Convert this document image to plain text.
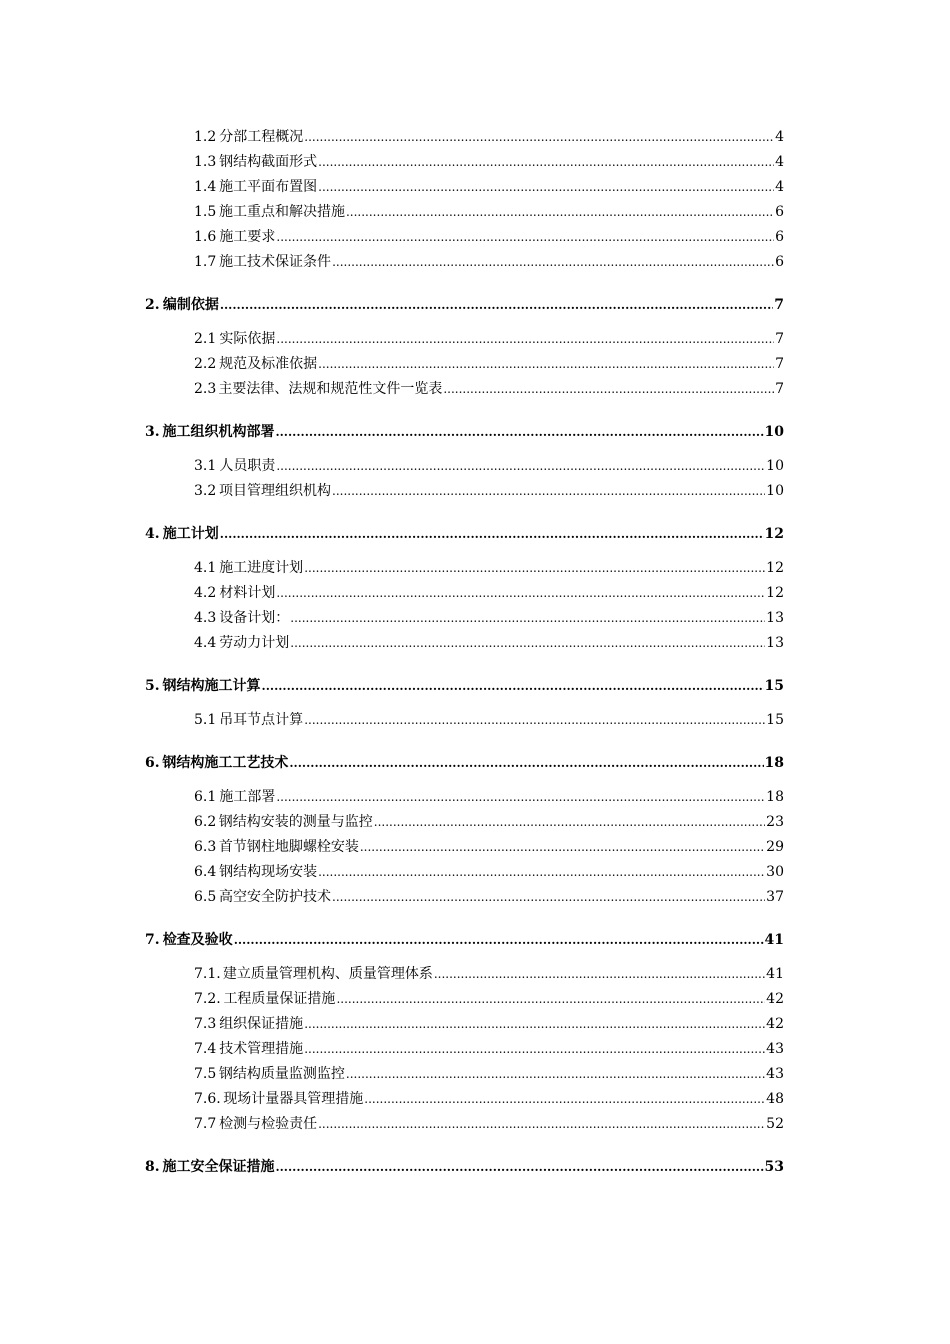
1.2 分部工程概况 .....	4
1.3 钢结构截面形式 .....	4
1.4 施工平面布置图 .....	4
1.5 施工重点和解决措施 .....	6
1.6 施工要求 .....	6
1.7 施工技术保证条件 .....	6
2. 编制依据 .....	7
2.1 实际依据 .....	7
2.2 规范及标准依据 .....	7
2.3 主要法律、法规和规范性文件一览表 .....	7
3. 施工组织机构部署 .....	10
3.1 人员职责 .....	10
3.2 项目管理组织机构 .....	10
4. 施工计划 .....	12
4.1 施工进度计划 .....	12
4.2 材料计划 .....	12
4.3 设备计划： .....	13
4.4 劳动力计划 .....	13
5. 钢结构施工计算 .....	15
5.1 吊耳节点计算 .....	15
6. 钢结构施工工艺技术 .....	18
6.1 施工部署 .....	18
6.2 钢结构安装的测量与监控 .....	23
6.3 首节钢柱地脚螺栓安装 .....	29
6.4 钢结构现场安装 .....	30
6.5 高空安全防护技术 .....	37
7. 检查及验收 .....	41
7.1. 建立质量管理机构、质量管理体系 .....	41
7.2. 工程质量保证措施 .....	42
7.3 组织保证措施 .....	42
7.4 技术管理措施 .....	43
7.5 钢结构质量监测监控 .....	43
7.6. 现场计量器具管理措施 .....	48
7.7 检测与检验责任 .....	52
8. 施工安全保证措施 .....	53
